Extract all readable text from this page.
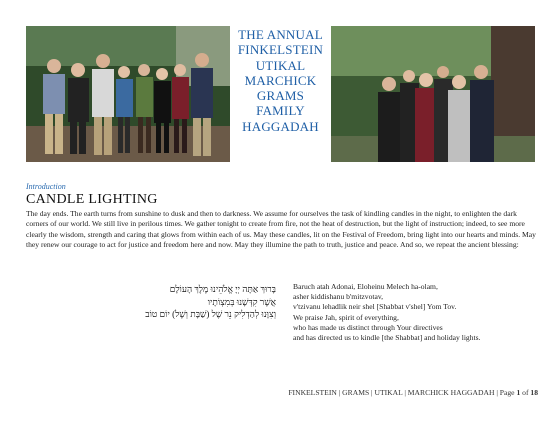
THE ANNUAL
FINKELSTEIN
UTIKAL
MARCHICK
GRAMS
FAMILY
HAGGADAH
Introduction
CANDLE LIGHTING
The day ends. The earth turns from sunshine to dusk and then to darkness. We assume for ourselves the task of kindling candles in the night, to enlighten the dark corners of our world. We still live in perilous times. We gather tonight to create from fire, not the heat of destruction, but the light of instruction; indeed, to see more clearly the wisdom, strength and caring that glows from within each of us. May these candles, lit on the Festival of Freedom, bring light into our hearts and minds. May they renew our courage to act for justice and freedom here and now. May they illumine the path to truth, justice and peace. And so, we repeat the ancient blessing:
בָּרוּךְ אַתָּה יְיָ אֱלֹהֵינוּ מֶלֶךְ הָעוֹלָם
אֲשֶׁר קִדְּשָׁנוּ בְּמִצְוֹתָיו
וְצִוָּנוּ לְהַדְלִיק נֵר שֶׁל (שַׁבָּת וְשֶׁל) יוֹם טוֹב
Baruch atah Adonai, Eloheinu Melech ha-olam,
asher kiddishanu b'mitzvotav,
v'tzivanu lehadlik neir shel [Shabbat v'shel] Yom Tov.
We praise Jah, spirit of everything,
who has made us distinct through Your directives
and has directed us to kindle [the Shabbat] and holiday lights.
FINKELSTEIN | GRAMS | UTIKAL | MARCHICK HAGGADAH | Page 1 of 18
